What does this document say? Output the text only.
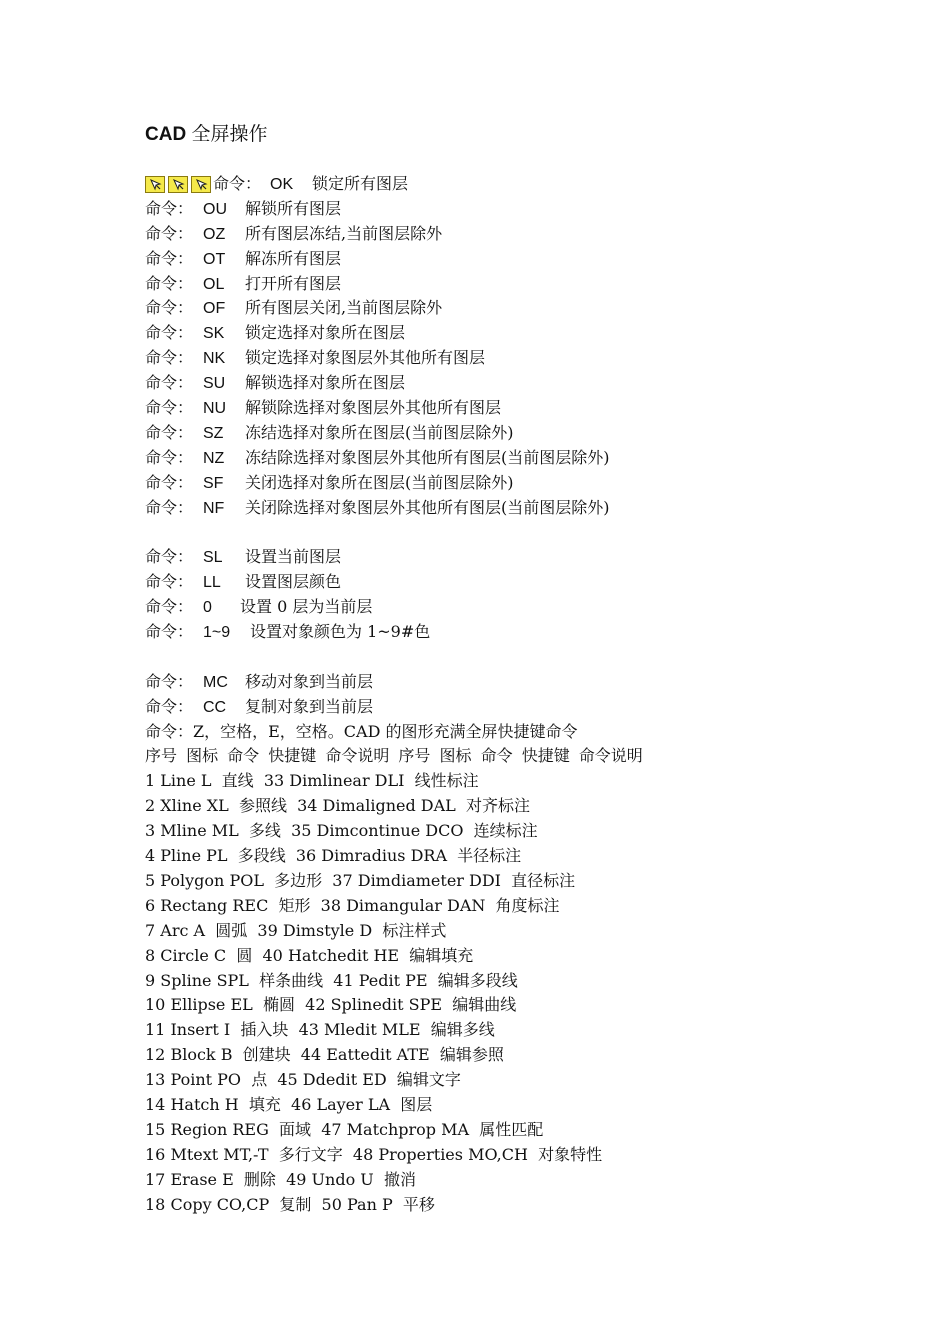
CAD 全屏操作
命令： OK 锁定所有图层
命令： OU 解锁所有图层
命令： OZ 所有图层冻结,当前图层除外
命令： OT 解冻所有图层
命令： OL 打开所有图层
命令： OF 所有图层关闭,当前图层除外
命令： SK 锁定选择对象所在图层
命令： NK 锁定选择对象图层外其他所有图层
命令： SU 解锁选择对象所在图层
命令： NU 解锁除选择对象图层外其他所有图层
命令： SZ 冻结选择对象所在图层(当前图层除外)
命令： NZ 冻结除选择对象图层外其他所有图层(当前图层除外)
命令： SF 关闭选择对象所在图层(当前图层除外)
命令： NF 关闭除选择对象图层外其他所有图层(当前图层除外)
命令： SL 设置当前图层
命令： LL 设置图层颜色
命令： 0 设置 0 层为当前层
命令： 1~9 设置对象颜色为 1~9#色
命令： MC 移动对象到当前层
命令： CC 复制对象到当前层
命令：Z，空格，E，空格。CAD 的图形充满全屏快捷键命令
序号 图标 命令 快捷键 命令说明 序号 图标 命令 快捷键 命令说明
1 Line L  直线  33 Dimlinear DLI  线性标注
2 Xline XL  参照线  34 Dimaligned DAL  对齐标注
3 Mline ML  多线  35 Dimcontinue DCO  连续标注
4 Pline PL  多段线  36 Dimradius DRA  半径标注
5 Polygon POL  多边形  37 Dimdiameter DDI  直径标注
6 Rectang REC  矩形  38 Dimangular DAN  角度标注
7 Arc A  圆弧  39 Dimstyle D  标注样式
8 Circle C  圆  40 Hatchedit HE  编辑填充
9 Spline SPL  样条曲线  41 Pedit PE  编辑多段线
10 Ellipse EL  椭圆  42 Splinedit SPE  编辑曲线
11 Insert I  插入块  43 Mledit MLE  编辑多线
12 Block B  创建块  44 Eattedit ATE  编辑参照
13 Point PO  点  45 Ddedit ED  编辑文字
14 Hatch H  填充  46 Layer LA  图层
15 Region REG  面域  47 Matchprop MA  属性匹配
16 Mtext MT,-T  多行文字  48 Properties MO,CH  对象特性
17 Erase E  删除  49 Undo U  撤消
18 Copy CO,CP  复制  50 Pan P  平移
